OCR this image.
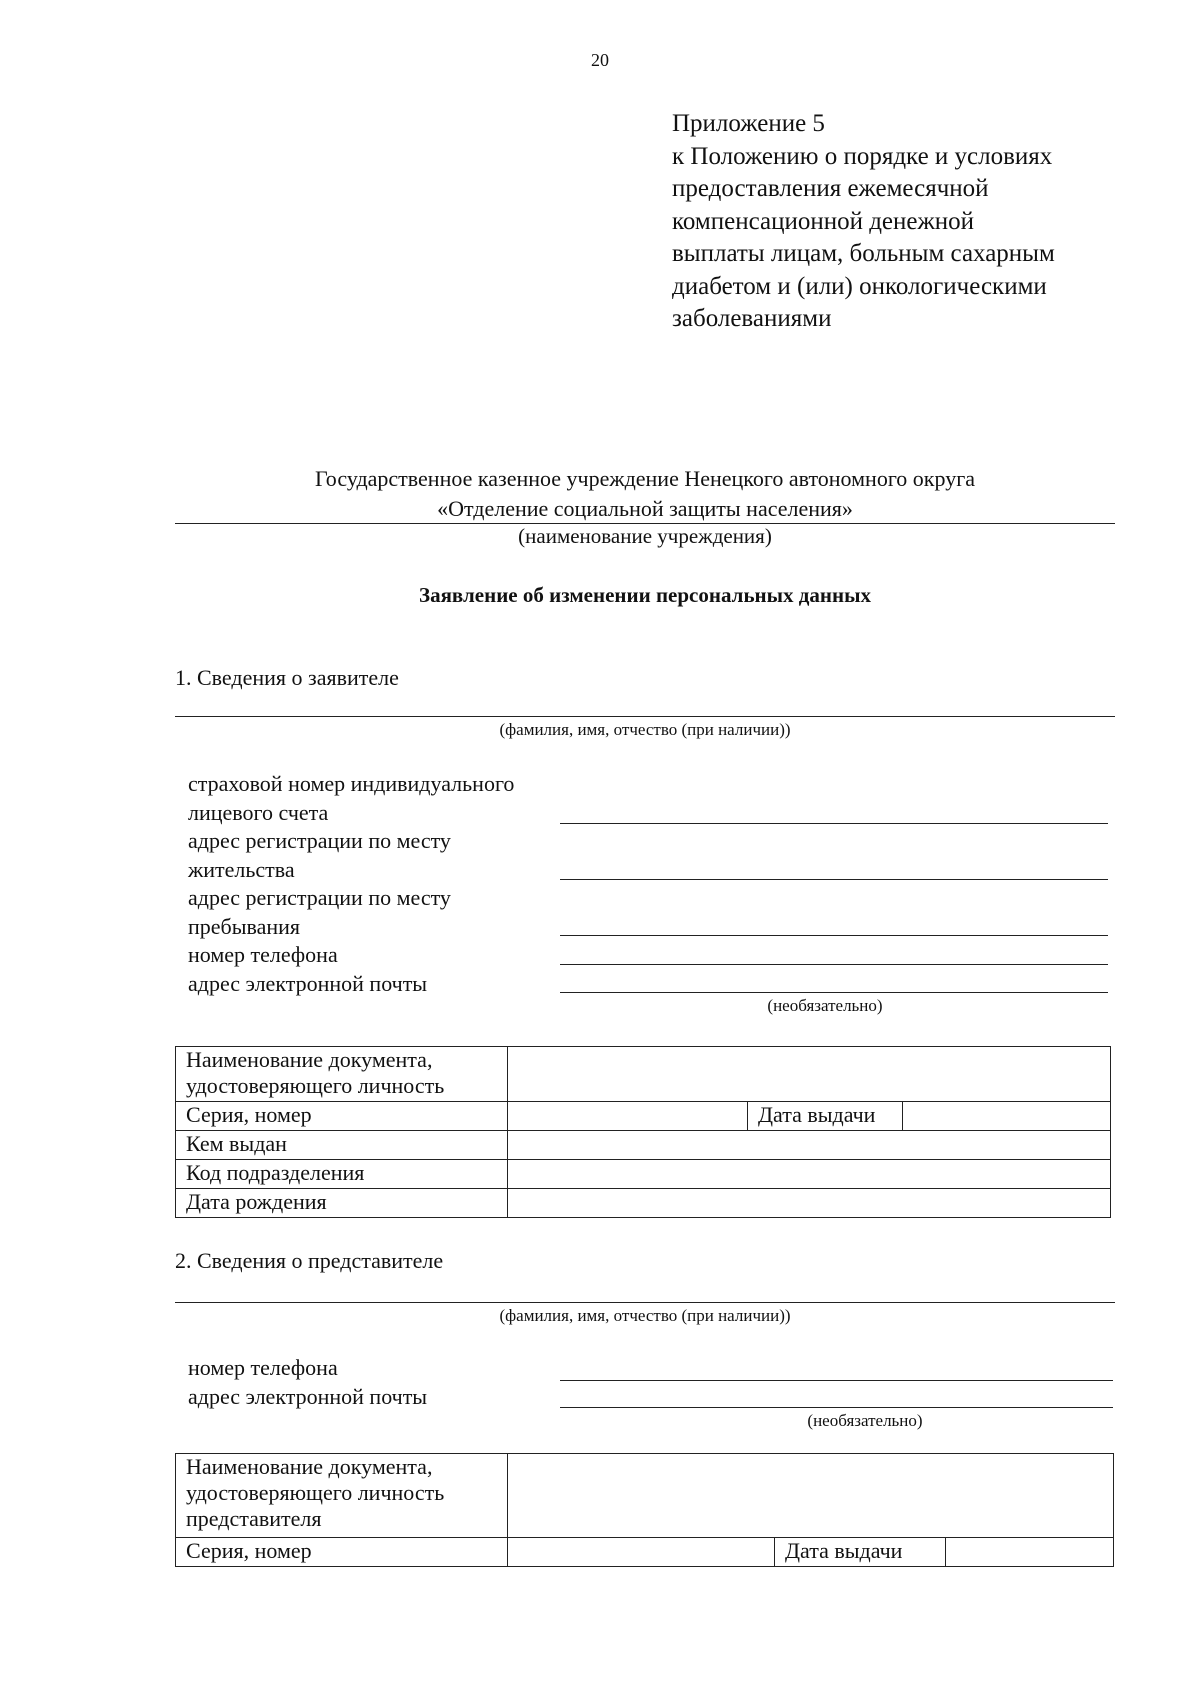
20
Приложение 5
к Положению о порядке и условиях
предоставления ежемесячной
компенсационной денежной
выплаты лицам, больным сахарным
диабетом и (или) онкологическими
заболеваниями
Государственное казенное учреждение Ненецкого автономного округа
«Отделение социальной защиты населения»
(наименование учреждения)
Заявление об изменении персональных данных
1. Сведения о заявителе
(фамилия, имя, отчество (при наличии))
страховой номер индивидуального
лицевого счета
адрес регистрации по месту
жительства
адрес регистрации по месту
пребывания
номер телефона
адрес электронной почты
(необязательно)
Наименование документа,
удостоверяющего личность			

Серия, номер		Дата выдачи	
Кем выдан			
Код подразделения			
Дата рождения			
2. Сведения о представителе
(фамилия, имя, отчество (при наличии))
номер телефона
адрес электронной почты
(необязательно)
Наименование документа,
удостоверяющего личность
представителя			

Серия, номер		Дата выдачи	
